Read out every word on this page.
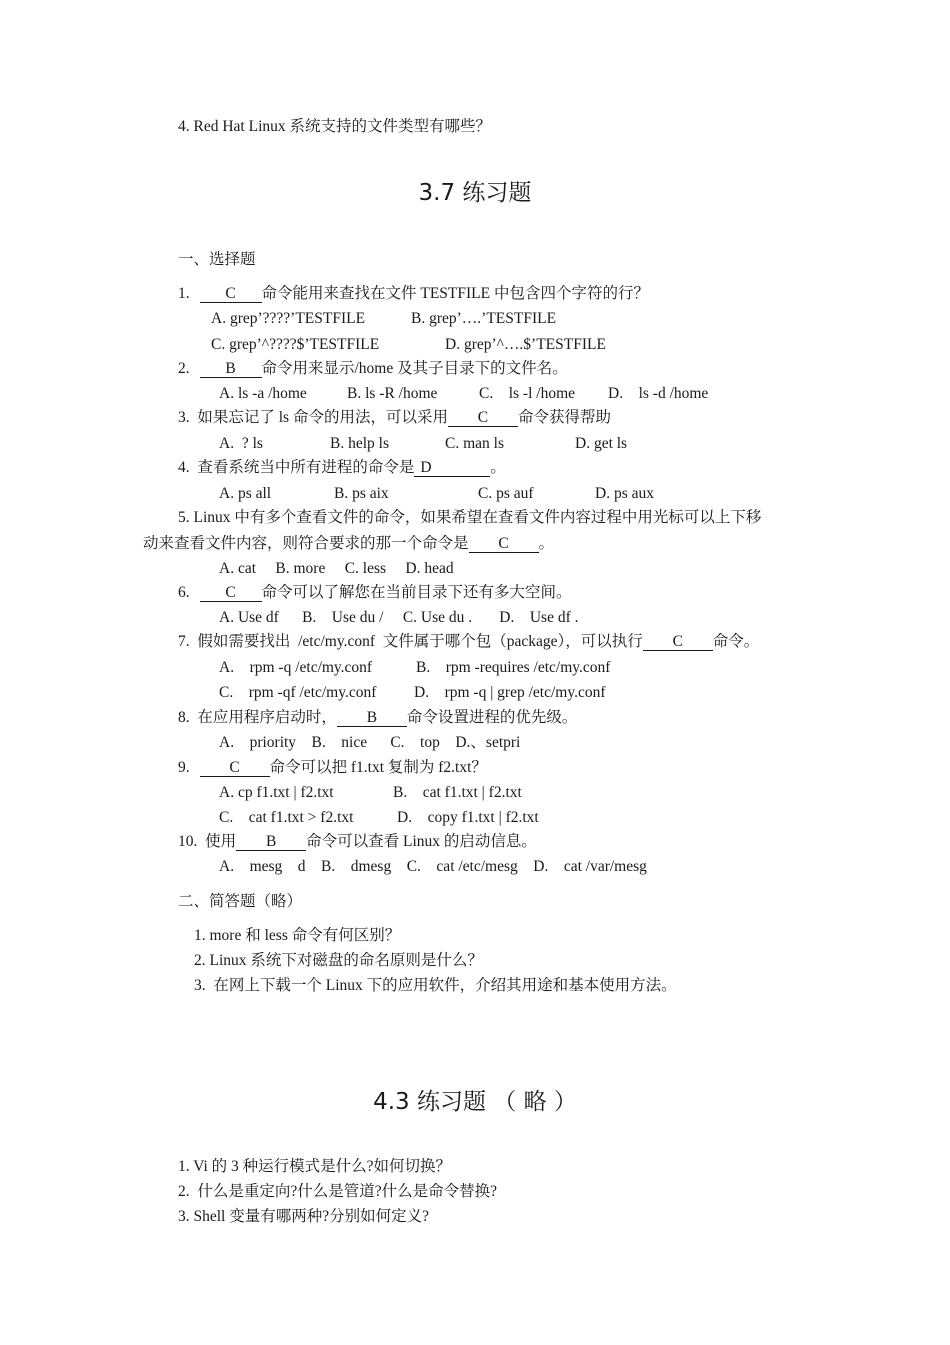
4. Red Hat Linux 系统支持的文件类型有哪些？
3.7 练习题
一、选择题
1. C 命令能用来查找在文件 TESTFILE 中包含四个字符的行？
A. grep’????’TESTFILE	B. grep’….’TESTFILE
C. grep’^????$’TESTFILE	D. grep’^….$’TESTFILE
2. B 命令用来显示/home 及其子目录下的文件名。
A. ls -a /home	B. ls -R /home	C.    ls -l /home D.    ls -d /home
3.  如果忘记了 ls 命令的用法，可以采用 C 命令获得帮助
A.  ? ls	B. help ls	C. man ls	D. get ls
4.  查看系统当中所有进程的命令是 D	。
A. ps all	B. ps aix	C. ps auf	D. ps aux
5. Linux 中有多个查看文件的命令，如果希望在查看文件内容过程中用光标可以上下移
动来查看文件内容，则符合要求的那一个命令是 C 。
A. cat     B. more     C. less     D. head
6. C 命令可以了解您在当前目录下还有多大空间。
A. Use df      B.    Use du /     C. Use du .       D.    Use df .
7.  假如需要找出  /etc/my.conf  文件属于哪个包（package），可以执行 C 命令。
A.    rpm -q /etc/my.conf	B.    rpm -requires /etc/my.conf
C.    rpm -qf /etc/my.conf D.    rpm -q | grep /etc/my.conf
8.  在应用程序启动时， B 命令设置进程的优先级。
A.    priority    B.    nice      C.    top    D.、setpri
9.	C 命令可以把 f1.txt 复制为 f2.txt？
A. cp f1.txt | f2.txt	B.    cat f1.txt | f2.txt
C.    cat f1.txt > f2.txt	D.    copy f1.txt | f2.txt
10.  使用 B 命令可以查看 Linux 的启动信息。
A.    mesg    d    B.    dmesg    C.    cat /etc/mesg    D.    cat /var/mesg
二、简答题（略）
1. more 和 less 命令有何区别？
2. Linux 系统下对磁盘的命名原则是什么？
3.  在网上下载一个 Linux 下的应用软件，介绍其用途和基本使用方法。
4.3 练习题 （ 略 ）
1. Vi 的 3 种运行模式是什么?如何切换？
2.  什么是重定向?什么是管道?什么是命令替换?
3. Shell 变量有哪两种?分别如何定义?
